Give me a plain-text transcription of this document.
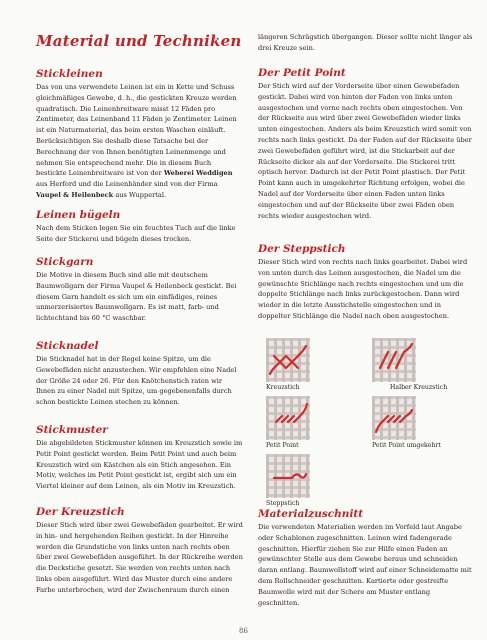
Material und Techniken
Stickleinen

Das von uns verwendete Leinen ist ein in Kette und Schuss gleichmäßiges Gewebe, d. h., die gestickten Kreuze werden quadratisch. Die Leinenbreitware misst 12 Fäden pro Zentimeter, das Leinenband 11 Fäden je Zentimeter. Leinen ist ein Naturmaterial, das beim ersten Waschen einläuft. Berücksichtigen Sie deshalb diese Tatsache bei der Berechnung der von Ihnen benötigten Leinenmenge und nehmen Sie entsprechend mehr. Die in diesem Buch bestickte Leinenbreitware ist von der Weberei Weddigen aus Herford und die Leinenbänder sind von der Firma Vaupel & Heilenbeck aus Wuppertal.

Leinen bügeln

Nach dem Sticken legen Sie ein feuchtes Tuch auf die linke Seite der Stickerei und bügeln dieses trocken.

Stickgarn

Die Motive in diesem Buch sind alle mit deutschem Baumwollgarn der Firma Vaupel & Heilenbeck gestickt. Bei diesem Garn handelt es sich um ein einfädiges, reines unmerzerisiertes Baumwollgarn. Es ist matt, farb- und lichtechtand bis 60 °C waschbar.

Sticknadel

Die Sticknadel hat in der Regel keine Spitze, um die Gewebefäden nicht anzustechen. Wir empfehlen eine Nadel der Größe 24 oder 26. Für den Knötchenstich raten wir Ihnen zu einer Nadel mit Spitze, um gegebenenfalls durch schon bestickte Leinen stechen zu können.

Stickmuster

Die abgebildeten Stickmuster können im Kreuzstich sowie im Petit Point gestickt werden. Beim Petit Point und auch beim Kreuzstich wird ein Kästchen als ein Stich angesehen. Ein Motiv, welches im Petit Point gestickt ist, ergibt sich um ein Viertel kleiner auf dem Leinen, als ein Motiv im Kreuzstich.

Der Kreuzstich

Dieser Stich wird über zwei Gewebefäden gearbeitet. Er wird in hin- und hergehenden Reihen gestickt. In der Hinreihe werden die Grundstiche von links unten nach rechts oben über zwei Gewebefäden ausgeführt. In der Rückreihe werden die Deckstiche gesetzt. Sie werden von rechts unten nach links oben ausgeführt. Wird das Muster durch eine andere Farbe unterbrochen, wird der Zwischenraum durch einen

längeren Schrägstich übergangen. Dieser sollte nicht länger als drei Kreuze sein.

Der Petit Point

Der Stich wird auf der Vorderseite über einen Gewebefaden gestickt. Dabei wird von hinten der Faden von links unten ausgestochen und vorne nach rechts oben eingestochen. Von der Rückseite aus wird über zwei Gewebefäden wieder links unten eingestochen. Anders als beim Kreuzstich wird somit von rechts nach links gestickt. Da der Faden auf der Rückseite über zwei Gewebefäden geführt wird, ist die Stickarbeit auf der Rückseite dicker als auf der Vorderseite. Die Stickerei tritt optisch hervor. Dadurch ist der Petit Point plastisch. Der Petit Point kann auch in umgekehrter Richtung erfolgen, wobei die Nadel auf der Vorderseite über einen Faden unten links eingestochen und auf der Rückseite über zwei Fäden oben rechts wieder ausgestochen wird.

Der Steppstich

Dieser Stich wird von rechts nach links gearbeitet. Dabei wird von unten durch das Leinen ausgestochen, die Nadel um die gewünschte Stichlänge nach rechts eingestochen und um die doppelte Stichlänge nach links zurückgestochen. Dann wird wieder in die letzte Ausstichstelle eingestochen und in doppelter Stichlänge die Nadel nach oben ausgestochen.

Materialzuschnitt

Die verwendeten Materialien werden im Vorfeld laut Angabe oder Schablonen zugeschnitten. Leinen wird fadengerade geschnitten. Hierfür ziehen Sie zur Hilfe einen Faden an gewünschter Stelle aus dem Gewebe heraus und schneiden daran entlang. Baumwollstoff wird auf einer Schneidematte mit dem Rollschneider geschnitten. Kartierte oder gestreifte Baumwolle wird mit der Schere am Muster entlang geschnitten.

Kreuzstich	Halber Kreuzstich
Petit Point	Petit Point umgekehrt
Steppstich
86
